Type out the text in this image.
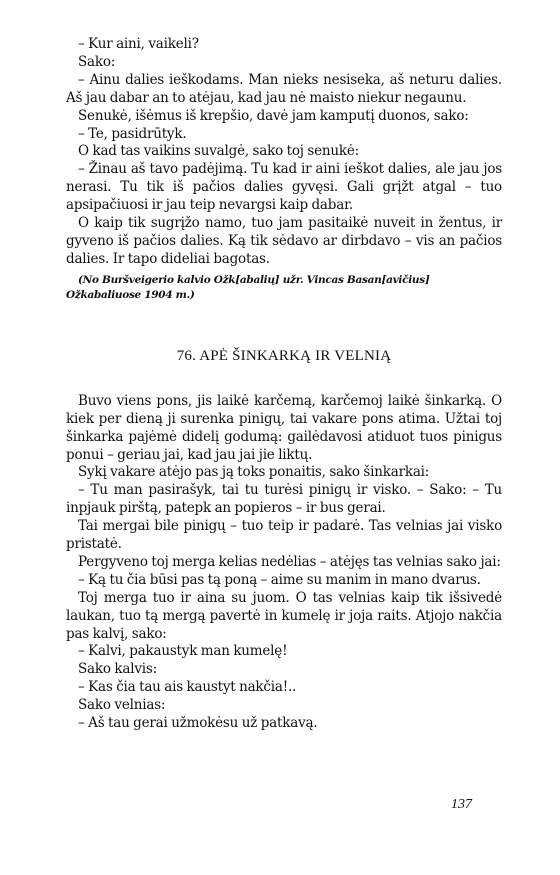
– Kur aini, vaikeli?

Sako:

– Ainu dalies ieškodams. Man nieks nesiseka, aš neturu dalies. Aš jau dabar an to atėjau, kad jau nė maisto niekur negaunu.

Senukė, išėmus iš krepšio, davė jam kamputį duonos, sako:

– Te, pasidrūtyk.

O kad tas vaikins suvalgė, sako toj senukė:

– Žinau aš tavo padėjimą. Tu kad ir aini ieškot dalies, ale jau jos nerasi. Tu tik iš pačios dalies gyvęsi. Gali grįžt atgal – tuo apsipačiuosi ir jau teip nevargsi kaip dabar.

O kaip tik sugrįžo namo, tuo jam pasitaikė nuveit in žentus, ir gyveno iš pačios dalies. Ką tik sėdavo ar dirbdavo – vis an pačios dalies. Ir tapo dideliai bagotas.

(No Buršveigerio kalvio Ožk[abalių] užr. Vincas Basan[avičius] Ožkabaliuose 1904 m.)

76. APĖ ŠINKARKĄ IR VELNIĄ

Buvo viens pons, jis laikė karčemą, karčemoj laikė šinkarką. O kiek per dieną ji surenka pinigų, tai vakare pons atima. Užtai toj šinkarka pajėmė didelį godumą: gailėdavosi atiduot tuos pinigus ponui – geriau jai, kad jau jai jie liktų.

Sykį vakare atėjo pas ją toks ponaitis, sako šinkarkai:

– Tu man pasirašyk, tai tu turėsi pinigų ir visko. – Sako: – Tu inpjauk pirštą, patepk an popieros – ir bus gerai.

Tai mergai bile pinigų – tuo teip ir padarė. Tas velnias jai visko pristatė.

Pergyveno toj merga kelias nedėlias – atėjęs tas velnias sako jai:

– Ką tu čia būsi pas tą poną – aime su manim in mano dvarus.

Toj merga tuo ir aina su juom. O tas velnias kaip tik išsivedė laukan, tuo tą mergą pavertė in kumelę ir joja raits. Atjojo nakčia pas kalvį, sako:

– Kalvi, pakaustyk man kumelę!

Sako kalvis:

– Kas čia tau ais kaustyt nakčia!..

Sako velnias:

– Aš tau gerai užmokėsu už patkavą.

137
